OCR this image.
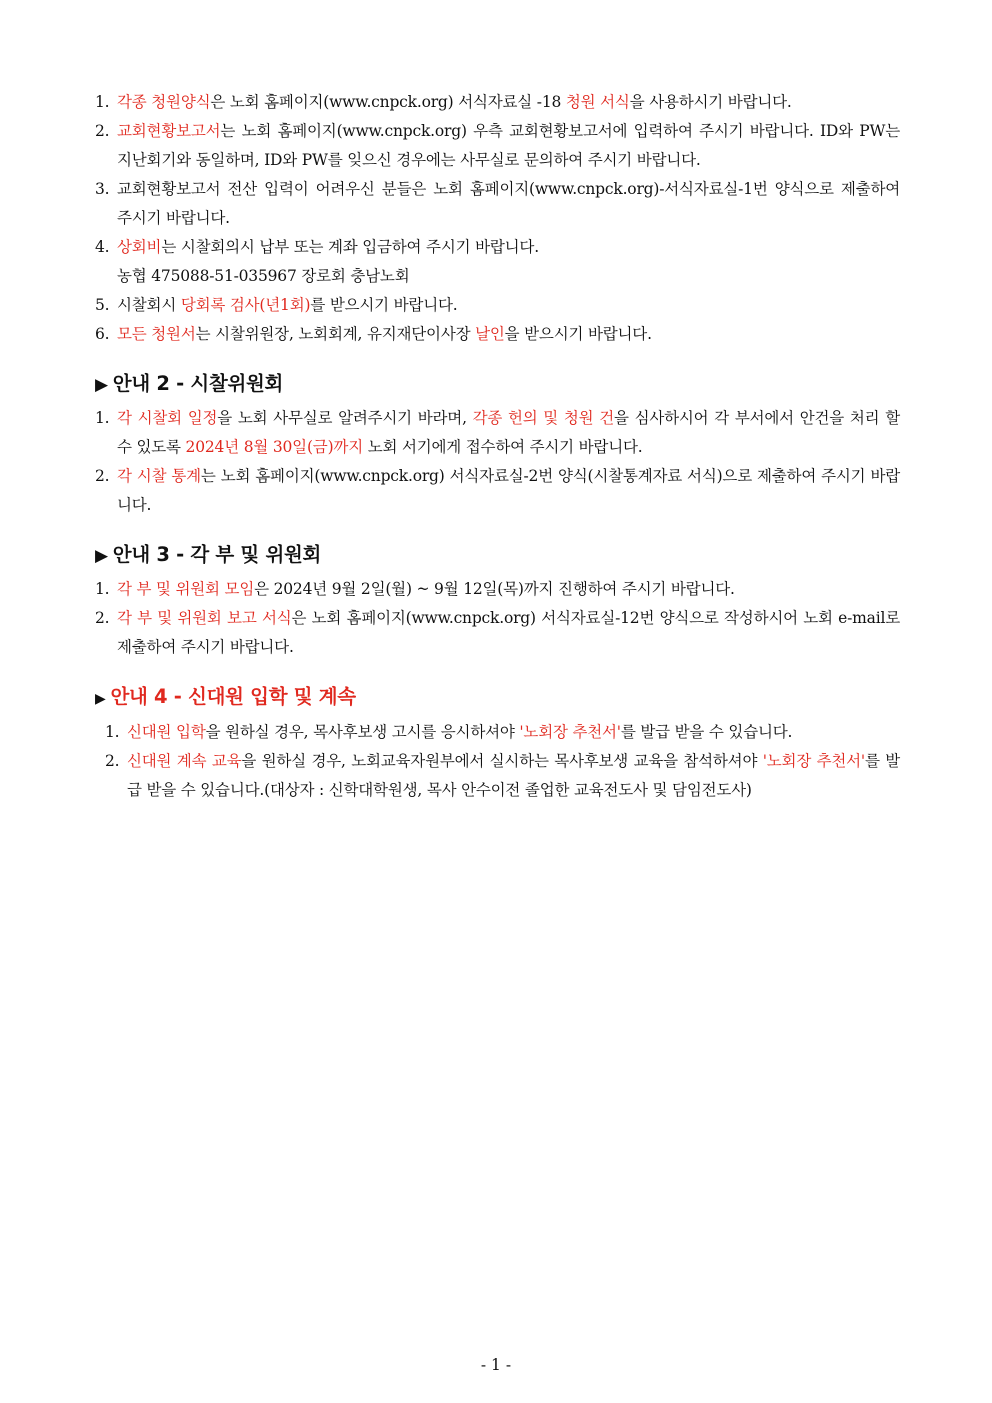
1. 각종 청원양식은 노회 홈페이지(www.cnpck.org) 서식자료실 -18 청원 서식을 사용하시기 바랍니다.
2. 교회현황보고서는 노회 홈페이지(www.cnpck.org) 우측 교회현황보고서에 입력하여 주시기 바랍니다. ID와 PW는 지난회기와 동일하며, ID와 PW를 잊으신 경우에는 사무실로 문의하여 주시기 바랍니다.
3. 교회현황보고서 전산 입력이 어려우신 분들은 노회 홈페이지(www.cnpck.org)-서식자료실-1번 양식으로 제출하여 주시기 바랍니다.
4. 상회비는 시찰회의시 납부 또는 계좌 입금하여 주시기 바랍니다.
농협 475088-51-035967 장로회 충남노회
5. 시찰회시 당회록 검사(년1회)를 받으시기 바랍니다.
6. 모든 청원서는 시찰위원장, 노회회계, 유지재단이사장 날인을 받으시기 바랍니다.
▶ 안내 2 - 시찰위원회
1. 각 시찰회 일정을 노회 사무실로 알려주시기 바라며, 각종 헌의 및 청원 건을 심사하시어 각 부서에서 안건을 처리 할 수 있도록 2024년 8월 30일(금)까지 노회 서기에게 접수하여 주시기 바랍니다.
2. 각 시찰 통계는 노회 홈페이지(www.cnpck.org) 서식자료실-2번 양식(시찰통계자료 서식)으로 제출하여 주시기 바랍니다.
▶ 안내 3 - 각 부 및 위원회
1. 각 부 및 위원회 모임은 2024년 9월 2일(월) ~ 9월 12일(목)까지 진행하여 주시기 바랍니다.
2. 각 부 및 위원회 보고 서식은 노회 홈페이지(www.cnpck.org) 서식자료실-12번 양식으로 작성하시어 노회 e-mail로 제출하여 주시기 바랍니다.
▶ 안내 4 - 신대원 입학 및 계속
1. 신대원 입학을 원하실 경우, 목사후보생 고시를 응시하셔야 '노회장 추천서'를 발급 받을 수 있습니다.
2. 신대원 계속 교육을 원하실 경우, 노회교육자원부에서 실시하는 목사후보생 교육을 참석하셔야 '노회장 추천서'를 발급 받을 수 있습니다.(대상자 : 신학대학원생, 목사 안수이전 졸업한 교육전도사 및 담임전도사)
- 1 -
